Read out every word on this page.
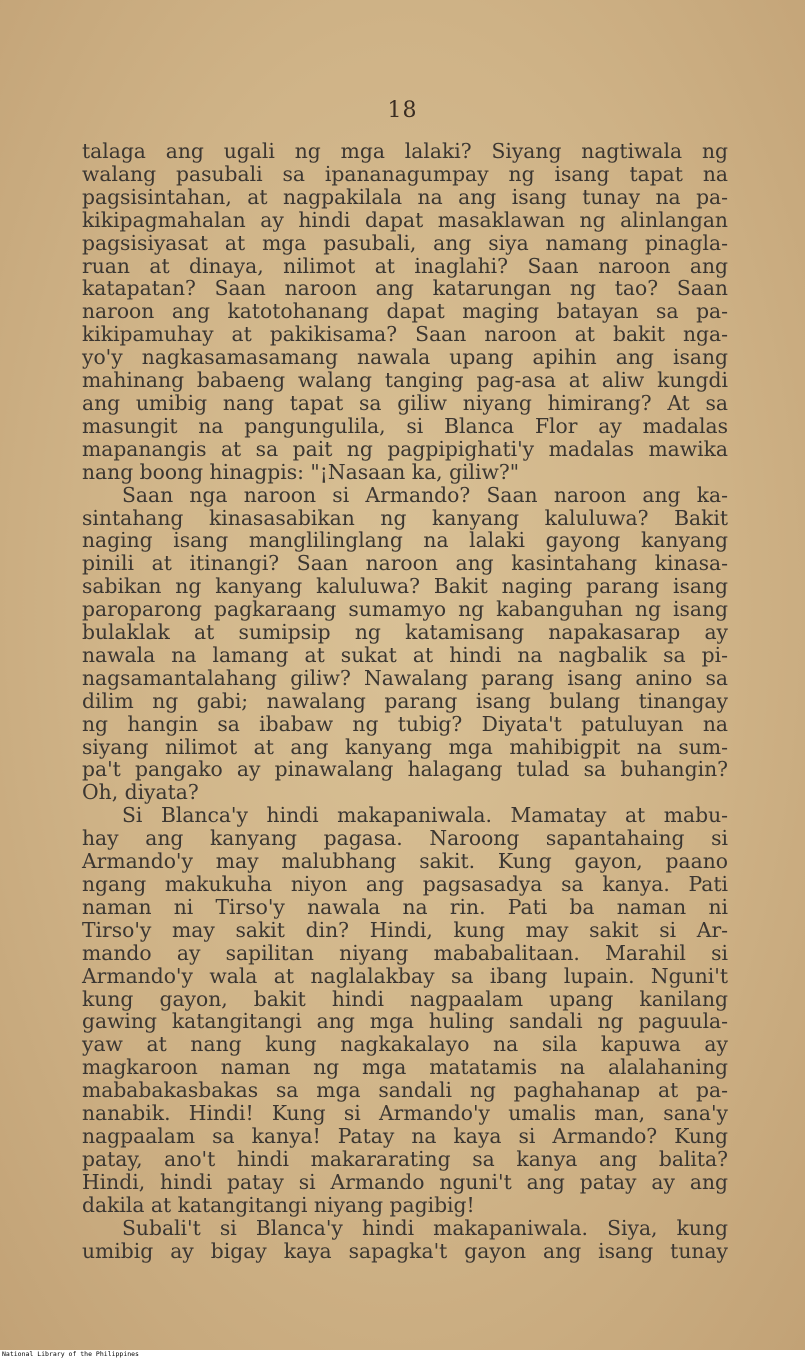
18
talaga ang ugali ng mga lalaki? Siyang nagtiwala ng
walang pasubali sa ipananagumpay ng isang tapat na
pagsisintahan, at nagpakilala na ang isang tunay na pa-
kikipagmahalan ay hindi dapat masaklawan ng alinlangan
pagsisiyasat at mga pasubali, ang siya namang pinagla-
ruan at dinaya, nilimot at inaglahi? Saan naroon ang
katapatan? Saan naroon ang katarungan ng tao? Saan
naroon ang katotohanang dapat maging batayan sa pa-
kikipamuhay at pakikisama? Saan naroon at bakit nga-
yo'y nagkasamasamang nawala upang apihin ang isang
mahinang babaeng walang tanging pag-asa at aliw kungdi
ang umibig nang tapat sa giliw niyang himirang? At sa
masungit na pangungulila, si Blanca Flor ay madalas
mapanangis at sa pait ng pagpipighati'y madalas mawika
nang boong hinagpis: "¡Nasaan ka, giliw?"
Saan nga naroon si Armando? Saan naroon ang ka-
sintahang kinasasabikan ng kanyang kaluluwa? Bakit
naging isang manglilinglang na lalaki gayong kanyang
pinili at itinangi? Saan naroon ang kasintahang kinasa-
sabikan ng kanyang kaluluwa? Bakit naging parang isang
paroparong pagkaraang sumamyo ng kabanguhan ng isang
bulaklak at sumipsip ng katamisang napakasarap ay
nawala na lamang at sukat at hindi na nagbalik sa pi-
nagsamantalahang giliw? Nawalang parang isang anino sa
dilim ng gabi; nawalang parang isang bulang tinangay
ng hangin sa ibabaw ng tubig? Diyata't patuluyan na
siyang nilimot at ang kanyang mga mahibigpit na sum-
pa't pangako ay pinawalang halagang tulad sa buhangin?
Oh, diyata?
Si Blanca'y hindi makapaniwala. Mamatay at mabu-
hay ang kanyang pagasa. Naroong sapantahaing si
Armando'y may malubhang sakit. Kung gayon, paano
ngang makukuha niyon ang pagsasadya sa kanya. Pati
naman ni Tirso'y nawala na rin. Pati ba naman ni
Tirso'y may sakit din? Hindi, kung may sakit si Ar-
mando ay sapilitan niyang mababalitaan. Marahil si
Armando'y wala at naglalakbay sa ibang lupain. Nguni't
kung gayon, bakit hindi nagpaalam upang kanilang
gawing katangitangi ang mga huling sandali ng paguula-
yaw at nang kung nagkakalayo na sila kapuwa ay
magkaroon naman ng mga matatamis na alalahaning
mababakasbakas sa mga sandali ng paghahanap at pa-
nanabik. Hindi! Kung si Armando'y umalis man, sana'y
nagpaalam sa kanya! Patay na kaya si Armando? Kung
patay, ano't hindi makararating sa kanya ang balita?
Hindi, hindi patay si Armando nguni't ang patay ay ang
dakila at katangitangi niyang pagibig!
Subali't si Blanca'y hindi makapaniwala. Siya, kung
umibig ay bigay kaya sapagka't gayon ang isang tunay
National Library of the Philippines
